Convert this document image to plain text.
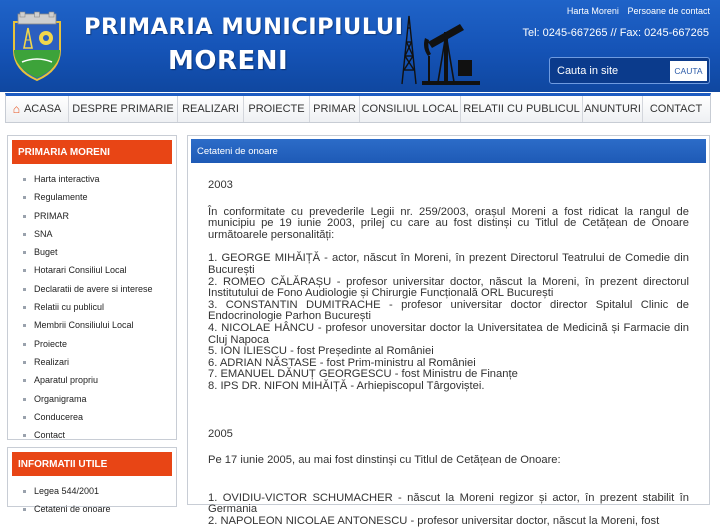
PRIMARIA MUNICIPIULUI
MORENI
Harta Moreni Persoane de contact
Tel: 0245-667265 // Fax: 0245-667265
Cauta in site
CAUTA
⌂ ACASA DESPRE PRIMARIE REALIZARI PROIECTE PRIMAR CONSILIUL LOCAL RELATII CU PUBLICUL ANUNTURI CONTACT
PRIMARIA MORENI
Harta interactiva
Regulamente
PRIMAR
SNA
Buget
Hotarari Consiliul Local
Declaratii de avere si interese
Relatii cu publicul
Membrii Consiliului Local
Proiecte
Realizari
Aparatul propriu
Organigrama
Conducerea
Contact
INFORMATII UTILE
Legea 544/2001
Cetateni de onoare
Cetateni de onoare
2003
În conformitate cu prevederile Legii nr. 259/2003, orașul Moreni a fost ridicat la rangul de municipiu pe 19 iunie 2003, prilej cu care au fost distinși cu Titlul de Cetățean de Onoare următoarele personalități:
1. GEORGE MIHĂIȚĂ - actor, născut în Moreni, în prezent Directorul Teatrului de Comedie din București
2. ROMEO CĂLĂRAȘU - profesor universitar doctor, născut la Moreni, în prezent directorul Institutului de Fono Audiologie și Chirurgie Funcțională ORL București
3. CONSTANTIN DUMITRACHE - profesor universitar doctor director Spitalul Clinic de Endocrinologie Parhon București
4. NICOLAE HÂNCU - profesor unoversitar doctor la Universitatea de Medicină și Farmacie din Cluj Napoca
5. ION ILIESCU - fost Președinte al României
6. ADRIAN NĂSTASE - fost Prim-ministru al României
7. EMANUEL DĂNUȚ GEORGESCU - fost Ministru de Finanțe
8. IPS DR. NIFON MIHĂIȚĂ - Arhiepiscopul Târgoviștei.
2005
Pe 17 iunie 2005, au mai fost dinstinși cu Titlul de Cetățean de Onoare:
1. OVIDIU-VICTOR SCHUMACHER - născut la Moreni regizor și actor, în prezent stabilit în Germania
2. NAPOLEON NICOLAE ANTONESCU - profesor universitar doctor, născut la Moreni, fost
